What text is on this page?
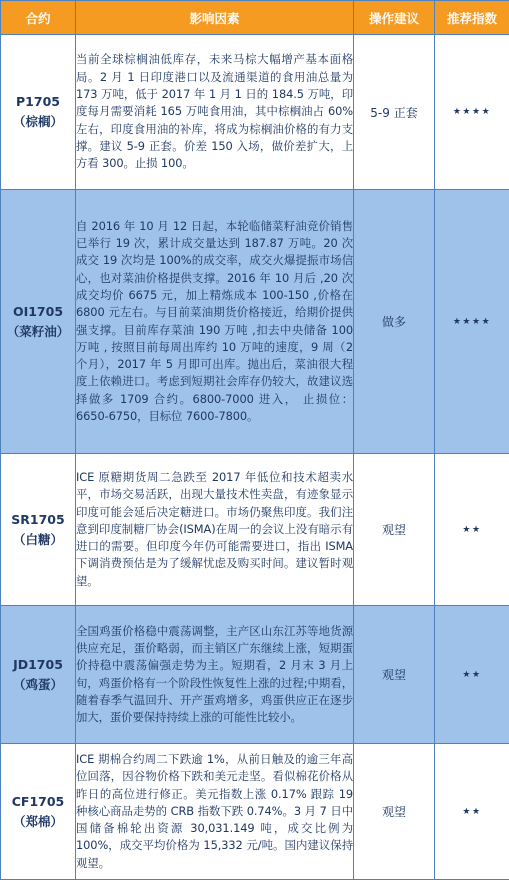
合约	影响因素	操作建议	推荐指数

P1705
（棕榈）	当前全球棕榈油低库存，未来马棕大幅增产基本面格局。2 月 1 日印度港口以及流通渠道的食用油总量为 173 万吨，低于 2017 年 1 月 1 日的 184.5 万吨，印度每月需要消耗 165 万吨食用油，其中棕榈油占 60%左右，印度食用油的补库，将成为棕榈油价格的有力支撑。建议 5-9 正套。价差 150 入场，做价差扩大，上方看 300。止损 100。	5-9 正套	★★★★

OI1705
（菜籽油）	自 2016 年 10 月 12 日起，本轮临储菜籽油竞价销售已举行 19 次，累计成交量达到 187.87 万吨。20 次成交 19 次均是 100%的成交率，成交火爆提振市场信心，也对菜油价格提供支撑。2016 年 10 月后 ,20 次成交均价 6675 元，加上精炼成本 100-150 ,价格在 6800 元左右。与目前菜油期货价格接近，给期价提供强支撑。目前库存菜油 190 万吨 ,扣去中央储备 100 万吨 , 按照目前每周出库约 10 万吨的速度，9 周（2 个月），2017 年 5 月即可出库。抛出后，菜油很大程度上依赖进口。考虑到短期社会库存仍较大，故建议选择做多 1709 合约。6800-7000 进入， 止损位：6650-6750，目标位 7600-7800。	做多	★★★★

SR1705
（白糖）	ICE 原糖期货周二急跌至 2017 年低位和技术超卖水平，市场交易活跃，出现大量技术性卖盘，有迹象显示印度可能会延后决定糖进口。市场仍聚焦印度。我们注意到印度制糖厂协会(ISMA)在周一的会议上没有暗示有进口的需要。但印度今年仍可能需要进口，指出 ISMA 下调消费预估是为了缓解忧虑及购买时间。建议暂时观望。	观望	★★

JD1705
（鸡蛋）	全国鸡蛋价格稳中震荡调整，主产区山东江苏等地货源供应充足，蛋价略弱，而主销区广东继续上涨，短期蛋价持稳中震荡偏强走势为主。短期看，2 月末 3 月上旬，鸡蛋价格有一个阶段性恢复性上涨的过程;中期看，随着春季气温回升、开产蛋鸡增多，鸡蛋供应正在逐步加大，蛋价要保持持续上涨的可能性比较小。	观望	★★

CF1705
（郑棉）	ICE 期棉合约周二下跌逾 1%，从前日触及的逾三年高位回落，因谷物价格下跌和美元走坚。看似棉花价格从昨日的高位进行修正。美元指数上涨 0.17% 跟踪 19 种核心商品走势的 CRB 指数下跌 0.74%。3 月 7 日中国储备棉轮出资源 30,031.149 吨，成交比例为 100%，成交平均价格为 15,332 元/吨。国内建议保持观望。	观望	★★
